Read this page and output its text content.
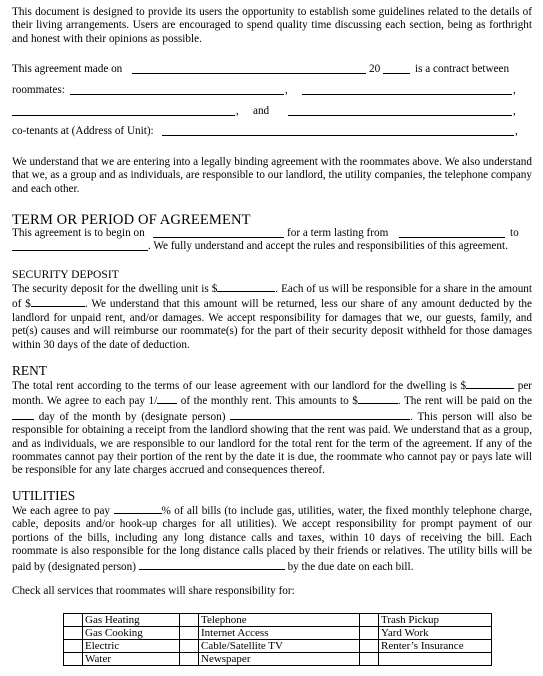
This document is designed to provide its users the opportunity to establish some guidelines related to the details of their living arrangements. Users are encouraged to spend quality time discussing each section, being as forthright and honest with their opinions as possible.

This agreement made on	20	is a contract between
roommates:	,	,
, and	,
co-tenants at (Address of Unit):	,

We understand that we are entering into a legally binding agreement with the roommates above. We also understand that we, as a group and as individuals, are responsible to our landlord, the utility companies, the telephone company and each other.

TERM OR PERIOD OF AGREEMENT

This agreement is to begin on	for a term lasting from	to
. We fully understand and accept the rules and responsibilities of this agreement.

SECURITY DEPOSIT

The security deposit for the dwelling unit is $	. Each of us will be responsible for a share in the amount of $	. We understand that this amount will be returned, less our share of any amount deducted by the landlord for unpaid rent, and/or damages. We accept responsibility for damages that we, our guests, family, and pet(s) causes and will reimburse our roommate(s) for the part of their security deposit withheld for those damages within 30 days of the date of deduction.

RENT

The total rent according to the terms of our lease agreement with our landlord for the dwelling is $	per month. We agree to each pay 1/ of the monthly rent. This amounts to $	. The rent will be paid on the  day of the month by (designate person)	. This person will also be responsible for obtaining a receipt from the landlord showing that the rent was paid. We understand that as a group, and as individuals, we are responsible to our landlord for the total rent for the term of the agreement. If any of the roommates cannot pay their portion of the rent by the date it is due, the roommate who cannot pay or pays late will be responsible for any late charges accrued and consequences thereof.

UTILITIES

We each agree to pay	% of all bills (to include gas, utilities, water, the fixed monthly telephone charge, cable, deposits and/or hook-up charges for all utilities). We accept responsibility for prompt payment of our portions of the bills, including any long distance calls and taxes, within 10 days of receiving the bill. Each roommate is also responsible for the long distance calls placed by their friends or relatives. The utility bills will be paid by (designated person)	by the due date on each bill.

Check all services that roommates will share responsibility for:

	Gas Heating		Telephone		Trash Pickup
	Gas Cooking		Internet Access		Yard Work
	Electric		Cable/Satellite TV		Renter’s Insurance
	Water		Newspaper		
